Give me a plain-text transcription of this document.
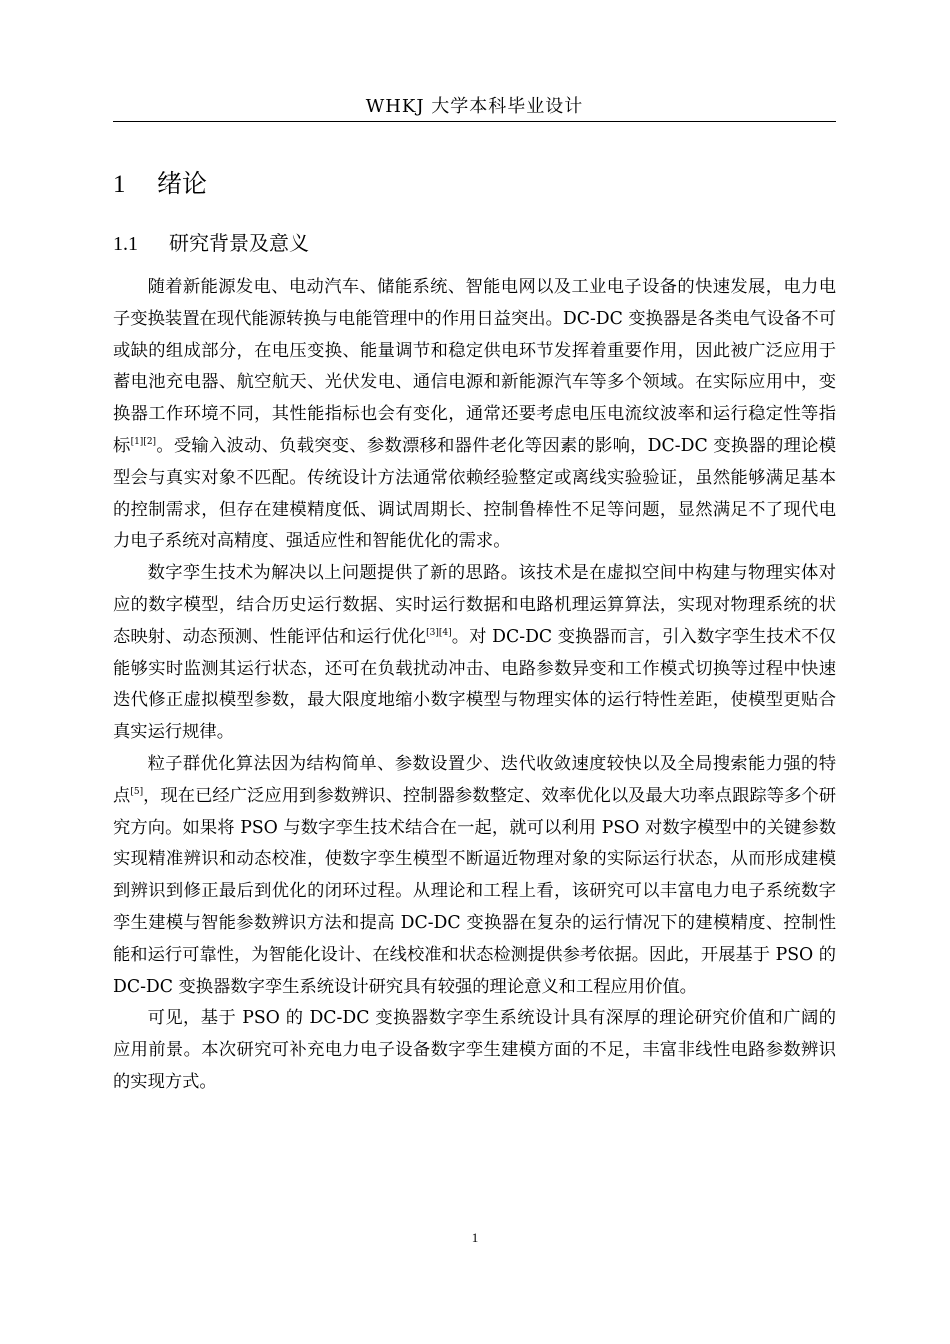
WHKJ 大学本科毕业设计
1 绪论
1.1 研究背景及意义

随着新能源发电、电动汽车、储能系统、智能电网以及工业电子设备的快速发展，电力电子变换装置在现代能源转换与电能管理中的作用日益突出。DC-DC 变换器是各类电气设备不可或缺的组成部分，在电压变换、能量调节和稳定供电环节发挥着重要作用，因此被广泛应用于蓄电池充电器、航空航天、光伏发电、通信电源和新能源汽车等多个领域。在实际应用中，变换器工作环境不同，其性能指标也会有变化，通常还要考虑电压电流纹波率和运行稳定性等指标[1][2]。受输入波动、负载突变、参数漂移和器件老化等因素的影响，DC-DC 变换器的理论模型会与真实对象不匹配。传统设计方法通常依赖经验整定或离线实验验证，虽然能够满足基本的控制需求，但存在建模精度低、调试周期长、控制鲁棒性不足等问题，显然满足不了现代电力电子系统对高精度、强适应性和智能优化的需求。

数字孪生技术为解决以上问题提供了新的思路。该技术是在虚拟空间中构建与物理实体对应的数字模型，结合历史运行数据、实时运行数据和电路机理运算算法，实现对物理系统的状态映射、动态预测、性能评估和运行优化[3][4]。对 DC-DC 变换器而言，引入数字孪生技术不仅能够实时监测其运行状态，还可在负载扰动冲击、电路参数异变和工作模式切换等过程中快速迭代修正虚拟模型参数，最大限度地缩小数字模型与物理实体的运行特性差距，使模型更贴合真实运行规律。

粒子群优化算法因为结构简单、参数设置少、迭代收敛速度较快以及全局搜索能力强的特点[5]，现在已经广泛应用到参数辨识、控制器参数整定、效率优化以及最大功率点跟踪等多个研究方向。如果将 PSO 与数字孪生技术结合在一起，就可以利用 PSO 对数字模型中的关键参数实现精准辨识和动态校准，使数字孪生模型不断逼近物理对象的实际运行状态，从而形成建模到辨识到修正最后到优化的闭环过程。从理论和工程上看，该研究可以丰富电力电子系统数字孪生建模与智能参数辨识方法和提高 DC-DC 变换器在复杂的运行情况下的建模精度、控制性能和运行可靠性，为智能化设计、在线校准和状态检测提供参考依据。因此，开展基于 PSO 的 DC-DC 变换器数字孪生系统设计研究具有较强的理论意义和工程应用价值。

可见，基于 PSO 的 DC-DC 变换器数字孪生系统设计具有深厚的理论研究价值和广阔的应用前景。本次研究可补充电力电子设备数字孪生建模方面的不足，丰富非线性电路参数辨识的实现方式。

1
